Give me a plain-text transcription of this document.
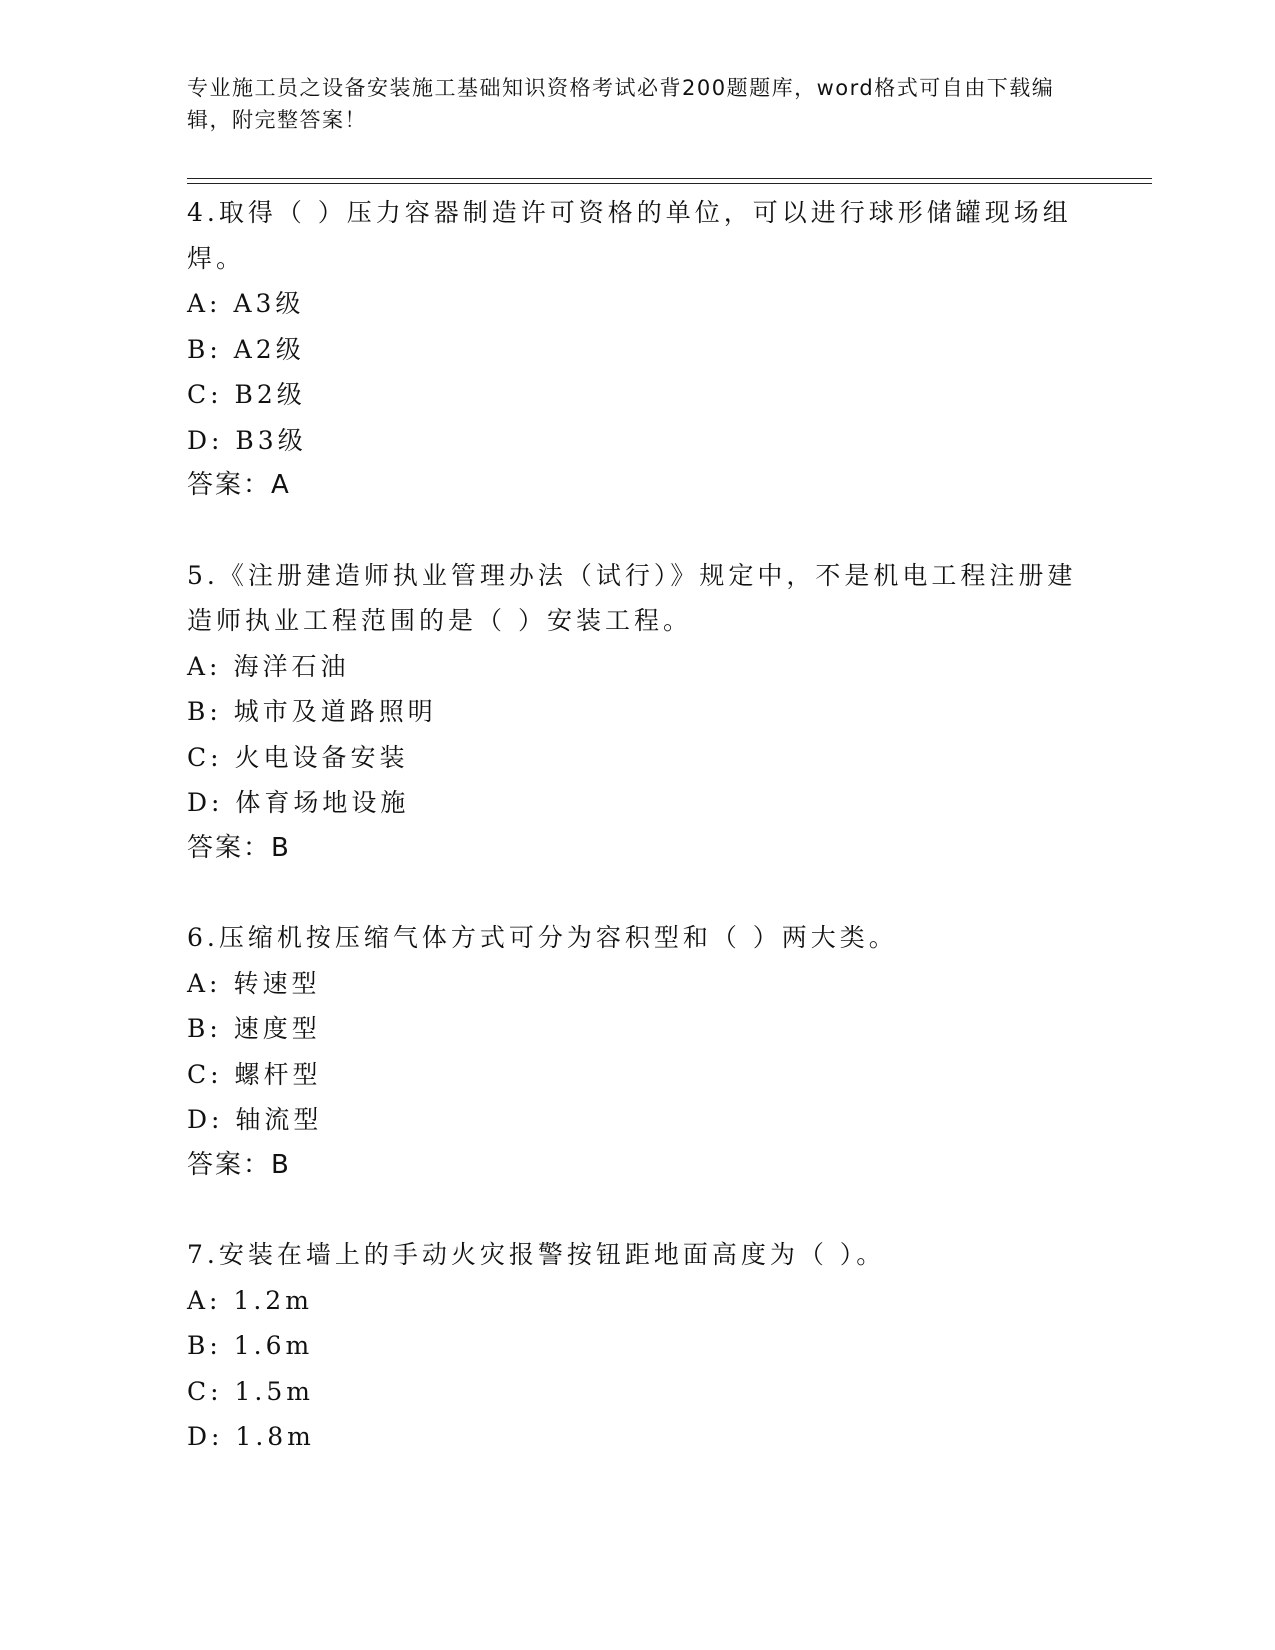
专业施工员之设备安装施工基础知识资格考试必背200题题库，word格式可自由下载编辑，附完整答案！

4.取得（ ）压力容器制造许可资格的单位，可以进行球形储罐现场组焊。

A: A3级
B: A2级
C: B2级
D: B3级
答案：A

5.《注册建造师执业管理办法（试行）》规定中，不是机电工程注册建造师执业工程范围的是（ ）安装工程。

A: 海洋石油
B: 城市及道路照明
C: 火电设备安装
D: 体育场地设施
答案：B

6.压缩机按压缩气体方式可分为容积型和（ ）两大类。

A: 转速型
B: 速度型
C: 螺杆型
D: 轴流型
答案：B

7.安装在墙上的手动火灾报警按钮距地面高度为（ ）。

A: 1.2m
B: 1.6m
C: 1.5m
D: 1.8m
